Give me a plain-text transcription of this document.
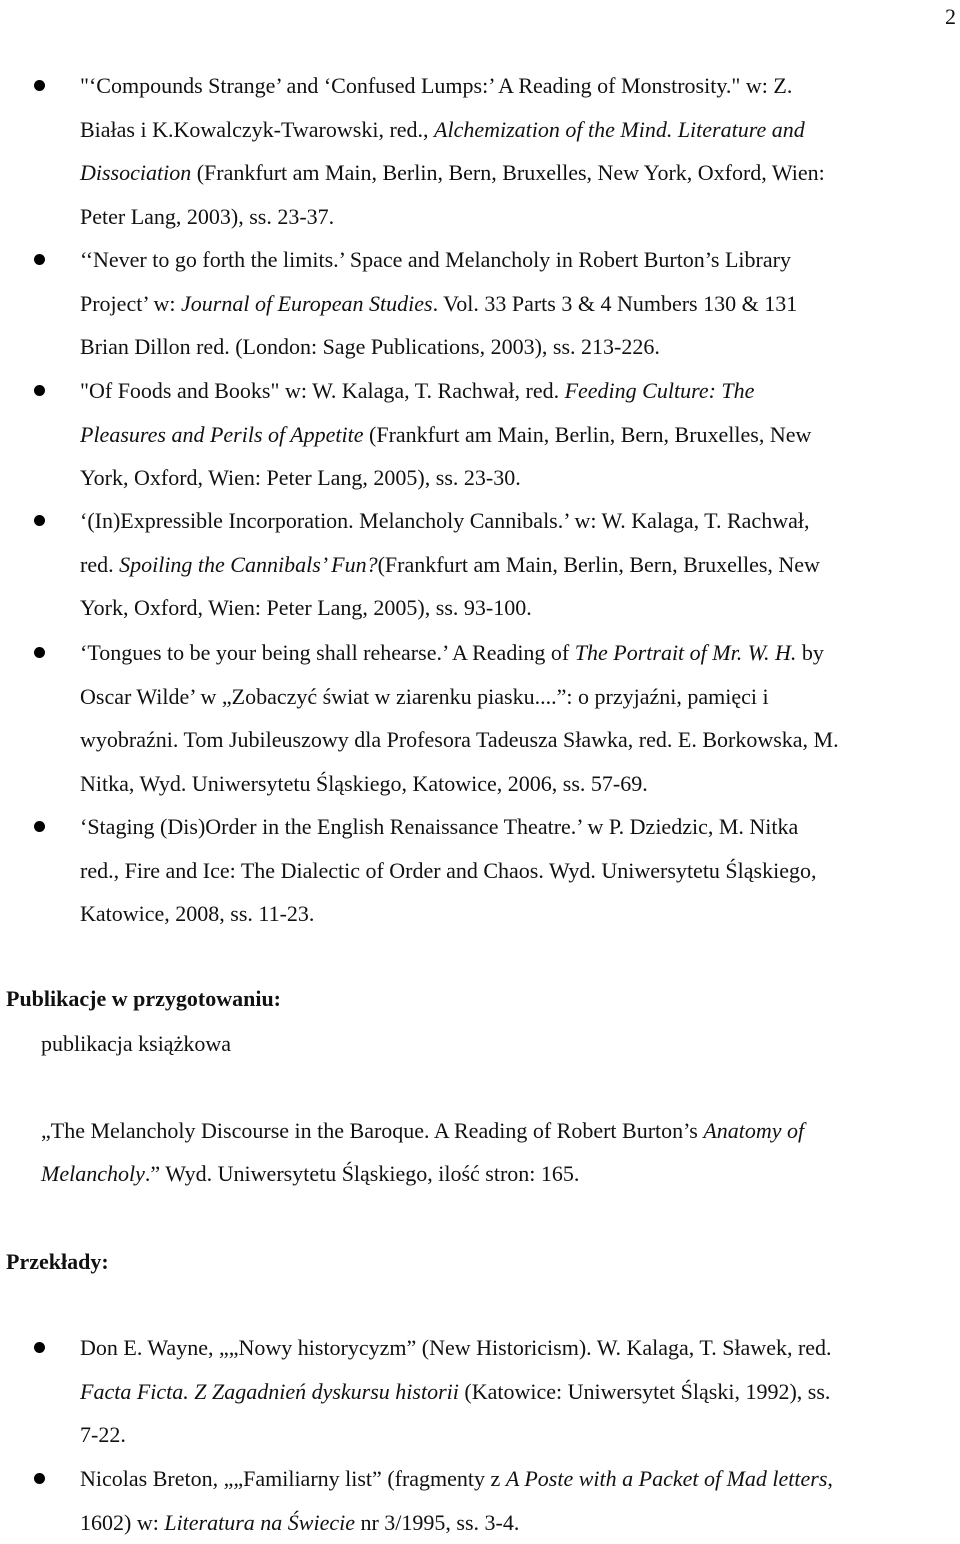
2
"‘Compounds Strange’ and ‘Confused Lumps:’ A Reading of Monstrosity." w: Z.
Białas i K.Kowalczyk-Twarowski, red., Alchemization of the Mind. Literature and
Dissociation (Frankfurt am Main, Berlin, Bern, Bruxelles, New York, Oxford, Wien:
Peter Lang, 2003), ss. 23-37.
‘‘Never to go forth the limits.’ Space and Melancholy in Robert Burton’s Library
Project’ w: Journal of European Studies. Vol. 33 Parts 3 & 4 Numbers 130 & 131
Brian Dillon red. (London: Sage Publications, 2003), ss. 213-226.
"Of Foods and Books" w: W. Kalaga, T. Rachwał, red. Feeding Culture: The
Pleasures and Perils of Appetite (Frankfurt am Main, Berlin, Bern, Bruxelles, New
York, Oxford, Wien: Peter Lang, 2005), ss. 23-30.
‘(In)Expressible Incorporation. Melancholy Cannibals.’ w: W. Kalaga, T. Rachwał,
red. Spoiling the Cannibals’ Fun?(Frankfurt am Main, Berlin, Bern, Bruxelles, New
York, Oxford, Wien: Peter Lang, 2005), ss. 93-100.
‘Tongues to be your being shall rehearse.’ A Reading of The Portrait of Mr. W. H. by
Oscar Wilde’ w „Zobaczyć świat w ziarenku piasku....”: o przyjaźni, pamięci i
wyobraźni. Tom Jubileuszowy dla Profesora Tadeusza Sławka, red. E. Borkowska, M.
Nitka, Wyd. Uniwersytetu Śląskiego, Katowice, 2006, ss. 57-69.
‘Staging (Dis)Order in the English Renaissance Theatre.’ w P. Dziedzic, M. Nitka
red., Fire and Ice: The Dialectic of Order and Chaos. Wyd. Uniwersytetu Śląskiego,
Katowice, 2008, ss. 11-23.
Publikacje w przygotowaniu:
publikacja książkowa
„The Melancholy Discourse in the Baroque. A Reading of Robert Burton’s Anatomy of
Melancholy.” Wyd. Uniwersytetu Śląskiego, ilość stron: 165.
Przekłady:
Don E. Wayne, „„Nowy historycyzm” (New Historicism). W. Kalaga, T. Sławek, red.
Facta Ficta. Z Zagadnień dyskursu historii (Katowice: Uniwersytet Śląski, 1992), ss.
7-22.
Nicolas Breton, „„Familiarny list” (fragmenty z A Poste with a Packet of Mad letters,
1602) w: Literatura na Świecie nr 3/1995, ss. 3-4.
